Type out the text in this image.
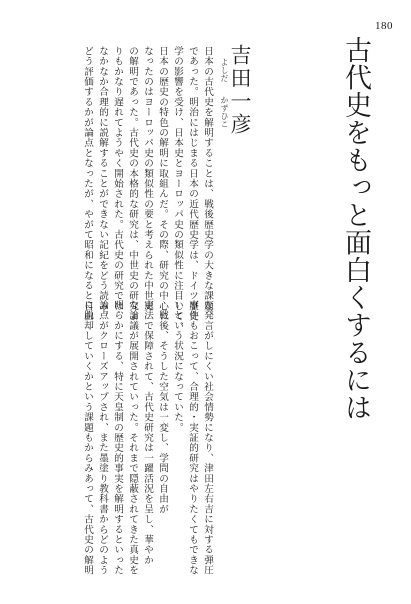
180
古代史をもっと面白くするには
よしだ
かずひこ 吉田一彦
日本の古代史を解明することは、戦後歴史学の大きな課題
であった。明治にはじまる日本の近代歴史学は、ドイツ歴史
学の影響を受け、日本史とヨーロッパ史の類似性に注目して、
日本の歴史の特色の解明に取組んだ。その際、研究の中心に
なったのはヨーロッパ史の類似性の要と考えられた中世史
の解明であった。古代史の本格的な研究は、中世史の研究よ
りもかなり遅れてようやく開始された。古代史の研究では、
なかなか合理的に説解することができない記紀をどう読み、
どう評価するかが論点となったが、やがて昭和になると自由
な発言がしにくい社会情勢になり、津田左右吉に対する弾圧
事件もおこって、合理的・実証的研究はやりたくてもできな
いという状況になっていた。
　戦後、そうした空気は一変し、学問の自由が
憲法で保障されて、古代史研究は一躍活況を呈し、華やか
な論議が展開されていった。それまで隠蔽されてきた真史を
明らかにする、特に天皇制の歴史的事実を解明するといった
論点がクローズアップされ、また墨塗り教科書からどのよう
に脱却していくかという課題もからみあって、古代史の解明
